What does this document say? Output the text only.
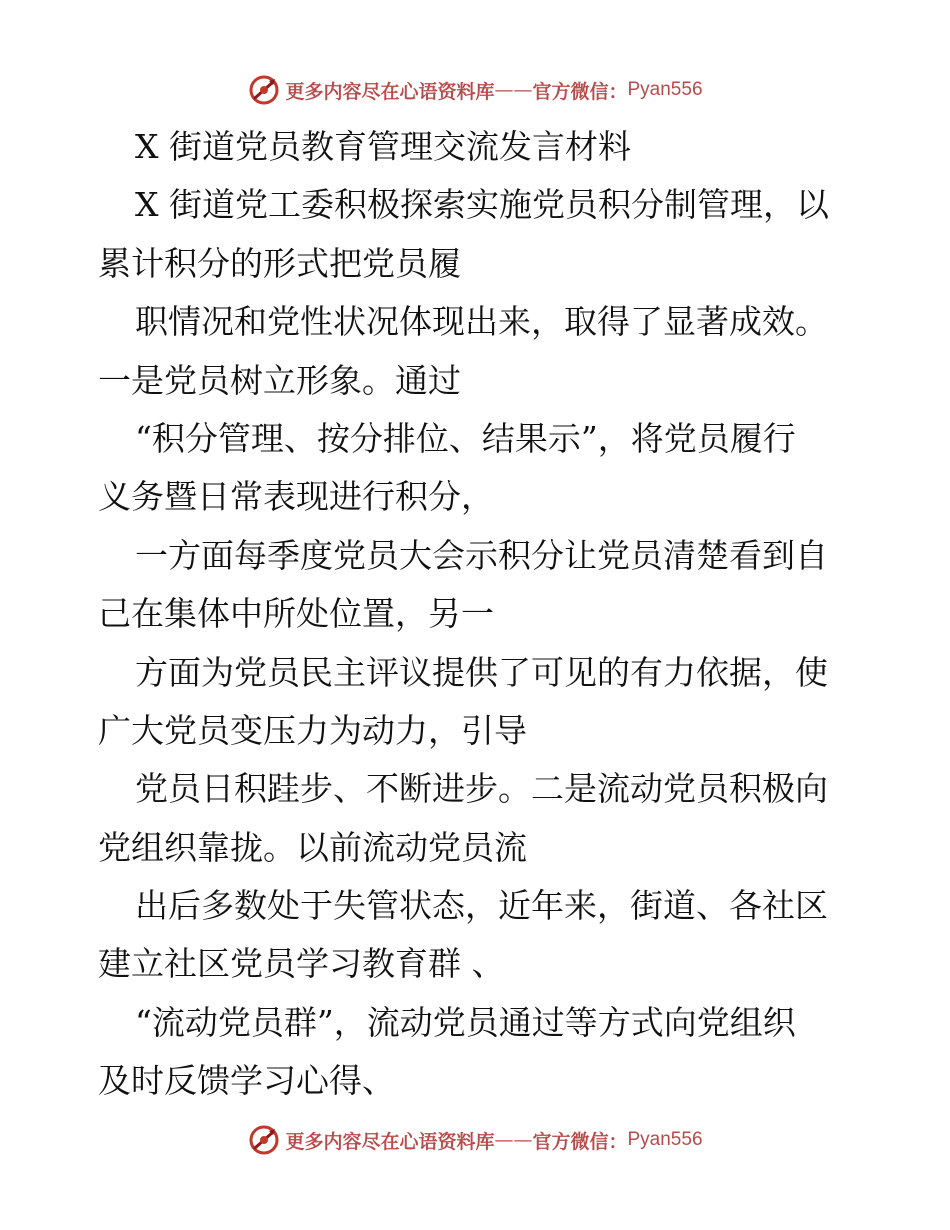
更多内容尽在心语资料库 —— 官方微信： Pyan556

X 街道党员教育管理交流发言材料

X 街道党工委积极探索实施党员积分制管理，以

累计积分的形式把党员履

职情况和党性状况体现出来，取得了显著成效。

一是党员树立形象。通过

“积分管理、按分排位、结果示”，将党员履行

义务暨日常表现进行积分，

一方面每季度党员大会示积分让党员清楚看到自

己在集体中所处位置，另一

方面为党员民主评议提供了可见的有力依据，使

广大党员变压力为动力，引导

党员日积跬步、不断进步。二是流动党员积极向

党组织靠拢。以前流动党员流

出后多数处于失管状态，近年来，街道、各社区

建立社区党员学习教育群 、

“流动党员群”，流动党员通过等方式向党组织

及时反馈学习心得、

更多内容尽在心语资料库 —— 官方微信： Pyan556
